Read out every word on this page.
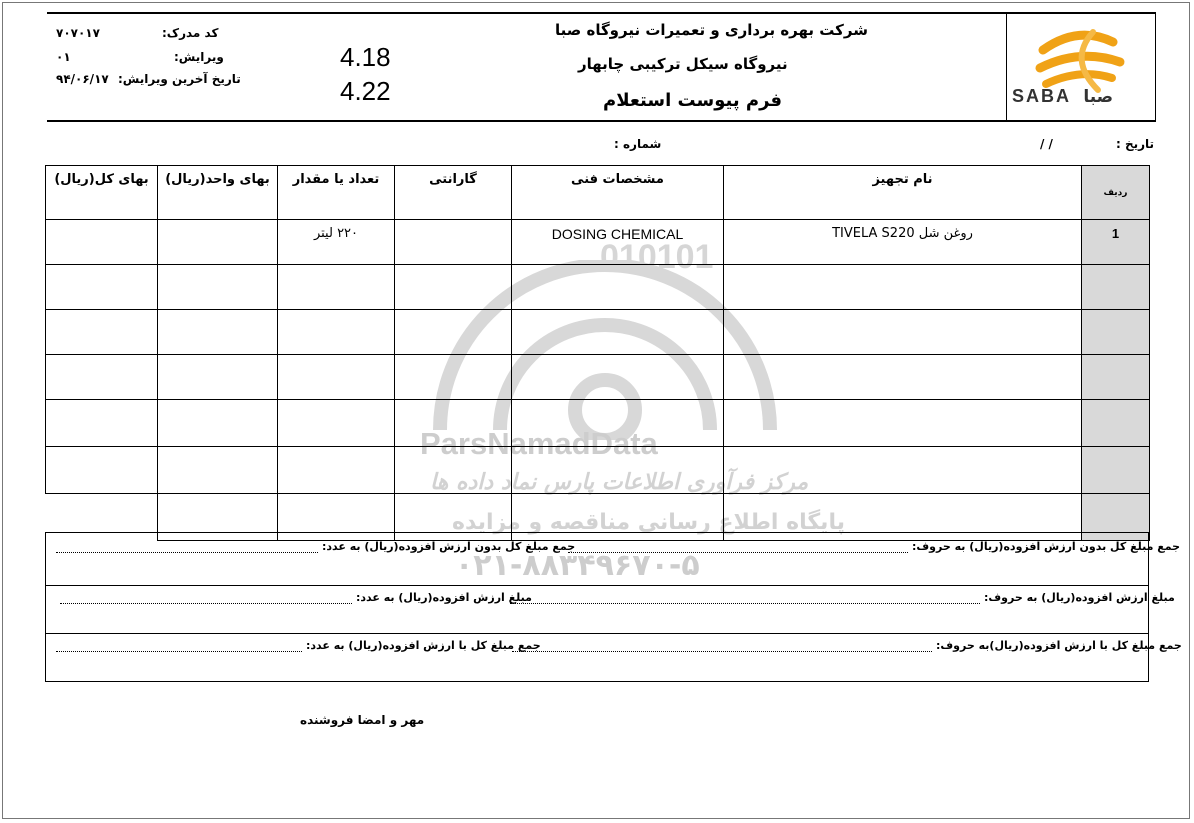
010101
ParsNamadData
مرکز فرآوری اطلاعات پارس نماد داده ها
پایگاه اطلاع رسانی مناقصه و مزایده
۰۲۱-۸۸۳۴۹۶۷۰-۵
کد مدرک:
۷۰۷۰۱۷
ویرایش:
۰۱
تاریخ آخرین ویرایش:
۹۴/۰۶/۱۷
4.18
4.22
شرکت بهره برداری و تعمیرات نیروگاه صبا
نیروگاه سیکل ترکیبی چابهار
فرم پیوست استعلام	SABA صبا
تاریخ :
/ /
شماره :
بهای کل(ریال)	بهای واحد(ریال)	تعداد یا مقدار	گارانتی	مشخصات فنی	نام تجهیز	ردیف
		۲۲۰ لیتر		DOSING CHEMICAL	روغن شل TIVELA S220	1

جمع مبلغ کل بدون ارزش افزوده(ریال) به حروف:
جمع مبلغ کل بدون ارزش افزوده(ریال) به عدد:
مبلغ ارزش افزوده(ریال) به حروف:
مبلغ ارزش افزوده(ریال) به عدد:
جمع مبلغ کل با ارزش افزوده(ریال)به حروف:
جمع مبلغ کل با ارزش افزوده(ریال) به عدد:
مهر و امضا فروشنده
